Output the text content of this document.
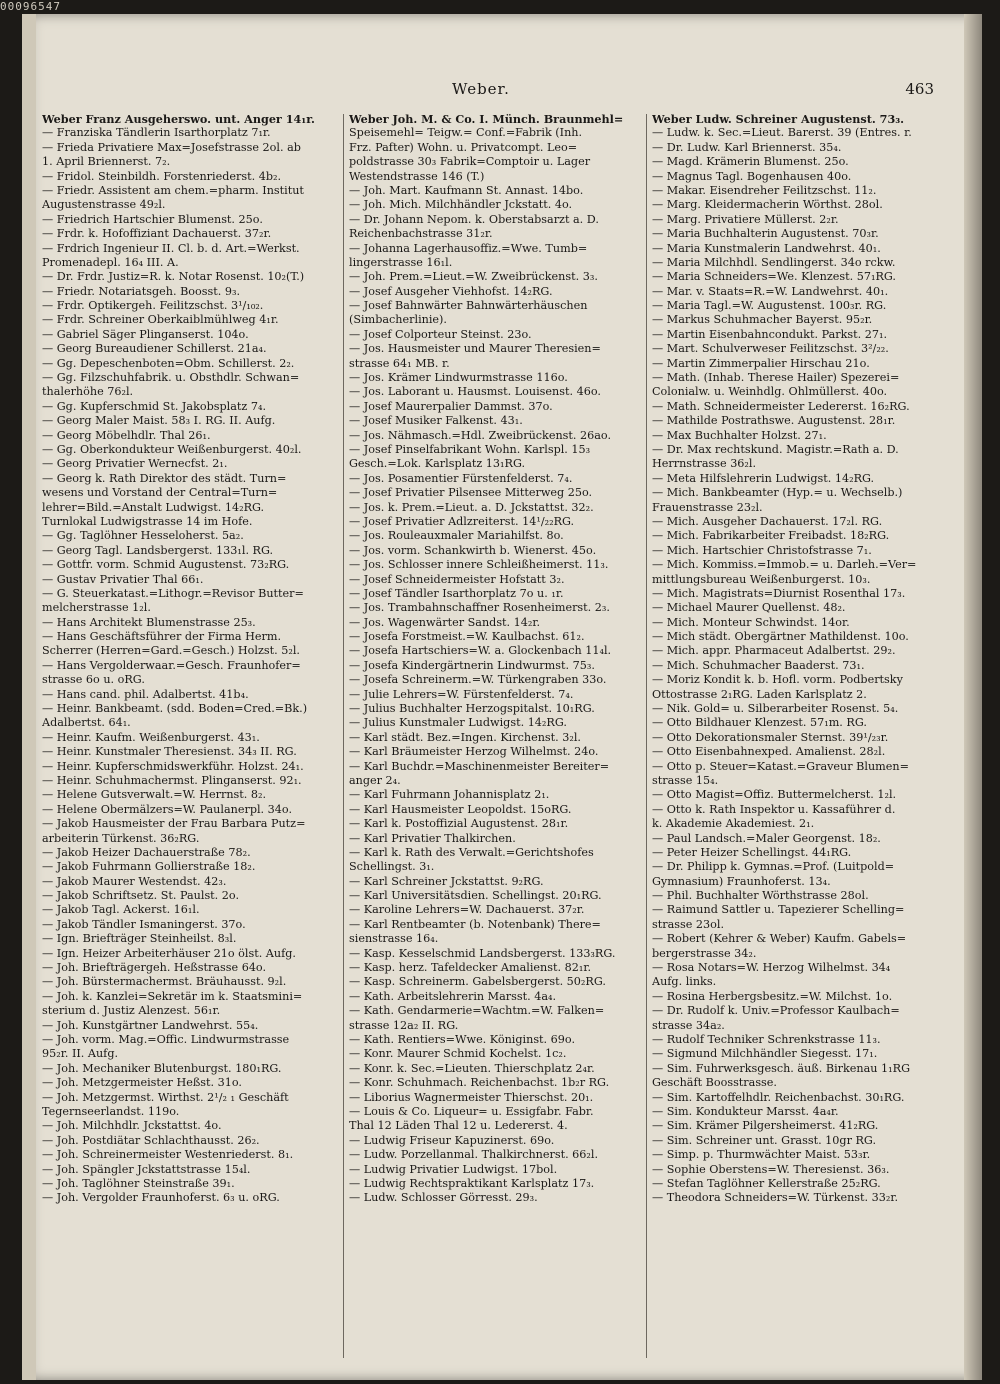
00096547
Weber.	463
Weber Franz Ausgeherswo. unt. Anger 14₁r.
— Franziska Tändlerin Isarthorplatz 7₁r.
— Frieda Privatiere Max=Josefstrasse 2ol. ab
1. April Briennerst. 7₂.
— Fridol. Steinbildh. Forstenriederst. 4b₂.
— Friedr. Assistent am chem.=pharm. Institut
Augustenstrasse 49₂l.
— Friedrich Hartschier Blumenst. 25o.
— Frdr. k. Hofoffiziant Dachauerst. 37₂r.
— Frdrich Ingenieur II. Cl. b. d. Art.=Werkst.
Promenadepl. 16₄ III. A.
— Dr. Frdr. Justiz=R. k. Notar Rosenst. 10₂(T.)
— Friedr. Notariatsgeh. Boosst. 9₃.
— Frdr. Optikergeh. Feilitzschst. 3¹/₁₀₂.
— Frdr. Schreiner Oberkaiblmühlweg 4₁r.
— Gabriel Säger Plinganserst. 104o.
— Georg Bureaudiener Schillerst. 21a₄.
— Gg. Depeschenboten=Obm. Schillerst. 2₂.
— Gg. Filzschuhfabrik. u. Obsthdlr. Schwan=
thalerhöhe 76₂l.
— Gg. Kupferschmid St. Jakobsplatz 7₄.
— Georg Maler Maist. 58₃ I. RG. II. Aufg.
— Georg Möbelhdlr. Thal 26₁.
— Gg. Oberkondukteur Weißenburgerst. 40₂l.
— Georg Privatier Wernecfst. 2₁.
— Georg k. Rath Direktor des städt. Turn=
wesens und Vorstand der Central=Turn=
lehrer=Bild.=Anstalt Ludwigst. 14₂RG.
Turnlokal Ludwigstrasse 14 im Hofe.
— Gg. Taglöhner Hesseloherst. 5a₂.
— Georg Tagl. Landsbergerst. 133₁l. RG.
— Gottfr. vorm. Schmid Augustenst. 73₂RG.
— Gustav Privatier Thal 66₁.
— G. Steuerkatast.=Lithogr.=Revisor Butter=
melcherstrasse 1₂l.
— Hans Architekt Blumenstrasse 25₃.
— Hans Geschäftsführer der Firma Herm.
Scherrer (Herren=Gard.=Gesch.) Holzst. 5₂l.
— Hans Vergolderwaar.=Gesch. Fraunhofer=
strasse 6o u. oRG.
— Hans cand. phil. Adalbertst. 41b₄.
— Heinr. Bankbeamt. (sdd. Boden=Cred.=Bk.)
Adalbertst. 64₁.
— Heinr. Kaufm. Weißenburgerst. 43₁.
— Heinr. Kunstmaler Theresienst. 34₃ II. RG.
— Heinr. Kupferschmidswerkführ. Holzst. 24₁.
— Heinr. Schuhmachermst. Plinganserst. 92₁.
— Helene Gutsverwalt.=W. Herrnst. 8₂.
— Helene Obermälzers=W. Paulanerpl. 34o.
— Jakob Hausmeister der Frau Barbara Putz=
arbeiterin Türkenst. 36₂RG.
— Jakob Heizer Dachauerstraße 78₂.
— Jakob Fuhrmann Gollierstraße 18₂.
— Jakob Maurer Westendst. 42₃.
— Jakob Schriftsetz. St. Paulst. 2o.
— Jakob Tagl. Ackerst. 16₁l.
— Jakob Tändler Ismaningerst. 37o.
— Ign. Briefträger Steinheilst. 8₃l.
— Ign. Heizer Arbeiterhäuser 21o ölst. Aufg.
— Joh. Briefträgergeh. Heßstrasse 64o.
— Joh. Bürstermachermst. Bräuhausst. 9₂l.
— Joh. k. Kanzlei=Sekretär im k. Staatsmini=
sterium d. Justiz Alenzest. 56₁r.
— Joh. Kunstgärtner Landwehrst. 55₄.
— Joh. vorm. Mag.=Offic. Lindwurmstrasse
95₂r. II. Aufg.
— Joh. Mechaniker Blutenburgst. 180₁RG.
— Joh. Metzgermeister Heßst. 31o.
— Joh. Metzgermst. Wirthst. 2¹/₂ ₁ Geschäft
Tegernseerlandst. 119o.
— Joh. Milchhdlr. Jckstattst. 4o.
— Joh. Postdiätar Schlachthausst. 26₂.
— Joh. Schreinermeister Westenriederst. 8₁.
— Joh. Spängler Jckstattstrasse 15₄l.
— Joh. Taglöhner Steinstraße 39₁.
— Joh. Vergolder Fraunhoferst. 6₃ u. oRG.
Weber Joh. M. & Co. I. Münch. Braunmehl=
Speisemehl= Teigw.= Conf.=Fabrik (Inh.
Frz. Pafter) Wohn. u. Privatcompt. Leo=
poldstrasse 30₃ Fabrik=Comptoir u. Lager
Westendstrasse 146 (T.)
— Joh. Mart. Kaufmann St. Annast. 14bo.
— Joh. Mich. Milchhändler Jckstatt. 4o.
— Dr. Johann Nepom. k. Oberstabsarzt a. D.
Reichenbachstrasse 31₂r.
— Johanna Lagerhausoffiz.=Wwe. Tumb=
lingerstrasse 16₁l.
— Joh. Prem.=Lieut.=W. Zweibrückenst. 3₃.
— Josef Ausgeher Viehhofst. 14₂RG.
— Josef Bahnwärter Bahnwärterhäuschen
(Simbacherlinie).
— Josef Colporteur Steinst. 23o.
— Jos. Hausmeister und Maurer Theresien=
strasse 64₁ MB. r.
— Jos. Krämer Lindwurmstrasse 116o.
— Jos. Laborant u. Hausmst. Louisenst. 46o.
— Josef Maurerpalier Dammst. 37o.
— Josef Musiker Falkenst. 43₁.
— Jos. Nähmasch.=Hdl. Zweibrückenst. 26ao.
— Josef Pinselfabrikant Wohn. Karlspl. 15₃
Gesch.=Lok. Karlsplatz 13₁RG.
— Jos. Posamentier Fürstenfelderst. 7₄.
— Josef Privatier Pilsensee Mitterweg 25o.
— Jos. k. Prem.=Lieut. a. D. Jckstattst. 32₂.
— Josef Privatier Adlzreiterst. 14¹/₂₂RG.
— Jos. Rouleauxmaler Mariahilfst. 8o.
— Jos. vorm. Schankwirth b. Wienerst. 45o.
— Jos. Schlosser innere Schleißheimerst. 11₃.
— Josef Schneidermeister Hofstatt 3₂.
— Josef Tändler Isarthorplatz 7o u. ₁r.
— Jos. Trambahnschaffner Rosenheimerst. 2₃.
— Jos. Wagenwärter Sandst. 14₂r.
— Josefa Forstmeist.=W. Kaulbachst. 61₂.
— Josefa Hartschiers=W. a. Glockenbach 11₄l.
— Josefa Kindergärtnerin Lindwurmst. 75₃.
— Josefa Schreinerm.=W. Türkengraben 33o.
— Julie Lehrers=W. Fürstenfelderst. 7₄.
— Julius Buchhalter Herzogspitalst. 10₁RG.
— Julius Kunstmaler Ludwigst. 14₂RG.
— Karl städt. Bez.=Ingen. Kirchenst. 3₂l.
— Karl Bräumeister Herzog Wilhelmst. 24o.
— Karl Buchdr.=Maschinenmeister Bereiter=
anger 2₄.
— Karl Fuhrmann Johannisplatz 2₁.
— Karl Hausmeister Leopoldst. 15oRG.
— Karl k. Postoffizial Augustenst. 28₁r.
— Karl Privatier Thalkirchen.
— Karl k. Rath des Verwalt.=Gerichtshofes
Schellingst. 3₁.
— Karl Schreiner Jckstattst. 9₂RG.
— Karl Universitätsdien. Schellingst. 20₁RG.
— Karoline Lehrers=W. Dachauerst. 37₂r.
— Karl Rentbeamter (b. Notenbank) There=
sienstrasse 16₄.
— Kasp. Kesselschmid Landsbergerst. 133₃RG.
— Kasp. herz. Tafeldecker Amalienst. 82₁r.
— Kasp. Schreinerm. Gabelsbergerst. 50₂RG.
— Kath. Arbeitslehrerin Marsst. 4a₄.
— Kath. Gendarmerie=Wachtm.=W. Falken=
strasse 12a₂ II. RG.
— Kath. Rentiers=Wwe. Königinst. 69o.
— Konr. Maurer Schmid Kochelst. 1c₂.
— Konr. k. Sec.=Lieuten. Thierschplatz 2₄r.
— Konr. Schuhmach. Reichenbachst. 1b₂r RG.
— Liborius Wagnermeister Thierschst. 20₁.
— Louis & Co. Liqueur= u. Essigfabr. Fabr.
Thal 12 Läden Thal 12 u. Ledererst. 4.
— Ludwig Friseur Kapuzinerst. 69o.
— Ludw. Porzellanmal. Thalkirchnerst. 66₂l.
— Ludwig Privatier Ludwigst. 17bol.
— Ludwig Rechtspraktikant Karlsplatz 17₃.
— Ludw. Schlosser Görresst. 29₃.
Weber Ludw. Schreiner Augustenst. 73₃.
— Ludw. k. Sec.=Lieut. Barerst. 39 (Entres. r.
— Dr. Ludw. Karl Briennerst. 35₄.
— Magd. Krämerin Blumenst. 25o.
— Magnus Tagl. Bogenhausen 40o.
— Makar. Eisendreher Feilitzschst. 11₂.
— Marg. Kleidermacherin Wörthst. 28ol.
— Marg. Privatiere Müllerst. 2₂r.
— Maria Buchhalterin Augustenst. 70₃r.
— Maria Kunstmalerin Landwehrst. 40₁.
— Maria Milchhdl. Sendlingerst. 34o rckw.
— Maria Schneiders=We. Klenzest. 57₁RG.
— Mar. v. Staats=R.=W. Landwehrst. 40₁.
— Maria Tagl.=W. Augustenst. 100₃r. RG.
— Markus Schuhmacher Bayerst. 95₂r.
— Martin Eisenbahncondukt. Parkst. 27₁.
— Mart. Schulverweser Feilitzschst. 3²/₂₂.
— Martin Zimmerpalier Hirschau 21o.
— Math. (Inhab. Therese Hailer) Spezerei=
Colonialw. u. Weinhdlg. Ohlmüllerst. 40o.
— Math. Schneidermeister Ledererst. 16₂RG.
— Mathilde Postrathswe. Augustenst. 28₁r.
— Max Buchhalter Holzst. 27₁.
— Dr. Max rechtskund. Magistr.=Rath a. D.
Herrnstrasse 36₂l.
— Meta Hilfslehrerin Ludwigst. 14₂RG.
— Mich. Bankbeamter (Hyp.= u. Wechselb.)
Frauenstrasse 23₂l.
— Mich. Ausgeher Dachauerst. 17₂l. RG.
— Mich. Fabrikarbeiter Freibadst. 18₂RG.
— Mich. Hartschier Christofstrasse 7₁.
— Mich. Kommiss.=Immob.= u. Darleh.=Ver=
mittlungsbureau Weißenburgerst. 10₃.
— Mich. Magistrats=Diurnist Rosenthal 17₃.
— Michael Maurer Quellenst. 48₂.
— Mich. Monteur Schwindst. 14or.
— Mich städt. Obergärtner Mathildenst. 10o.
— Mich. appr. Pharmaceut Adalbertst. 29₂.
— Mich. Schuhmacher Baaderst. 73₁.
— Moriz Kondit k. b. Hofl. vorm. Podbertsky
Ottostrasse 2₁RG. Laden Karlsplatz 2.
— Nik. Gold= u. Silberarbeiter Rosenst. 5₄.
— Otto Bildhauer Klenzest. 57₁m. RG.
— Otto Dekorationsmaler Sternst. 39¹/₂₃r.
— Otto Eisenbahnexped. Amalienst. 28₂l.
— Otto p. Steuer=Katast.=Graveur Blumen=
strasse 15₄.
— Otto Magist=Offiz. Buttermelcherst. 1₂l.
— Otto k. Rath Inspektor u. Kassaführer d.
k. Akademie Akademiest. 2₁.
— Paul Landsch.=Maler Georgenst. 18₂.
— Peter Heizer Schellingst. 44₁RG.
— Dr. Philipp k. Gymnas.=Prof. (Luitpold=
Gymnasium) Fraunhoferst. 13₄.
— Phil. Buchhalter Wörthstrasse 28ol.
— Raimund Sattler u. Tapezierer Schelling=
strasse 23ol.
— Robert (Kehrer & Weber) Kaufm. Gabels=
bergerstrasse 34₂.
— Rosa Notars=W. Herzog Wilhelmst. 34₄
Aufg. links.
— Rosina Herbergsbesitz.=W. Milchst. 1o.
— Dr. Rudolf k. Univ.=Professor Kaulbach=
strasse 34a₂.
— Rudolf Techniker Schrenkstrasse 11₃.
— Sigmund Milchhändler Siegesst. 17₁.
— Sim. Fuhrwerksgesch. äuß. Birkenau 1₁RG
Geschäft Boosstrasse.
— Sim. Kartoffelhdlr. Reichenbachst. 30₁RG.
— Sim. Kondukteur Marsst. 4a₄r.
— Sim. Krämer Pilgersheimerst. 41₂RG.
— Sim. Schreiner unt. Grasst. 10gr RG.
— Simp. p. Thurmwächter Maist. 53₃r.
— Sophie Oberstens=W. Theresienst. 36₃.
— Stefan Taglöhner Kellerstraße 25₂RG.
— Theodora Schneiders=W. Türkenst. 33₂r.
